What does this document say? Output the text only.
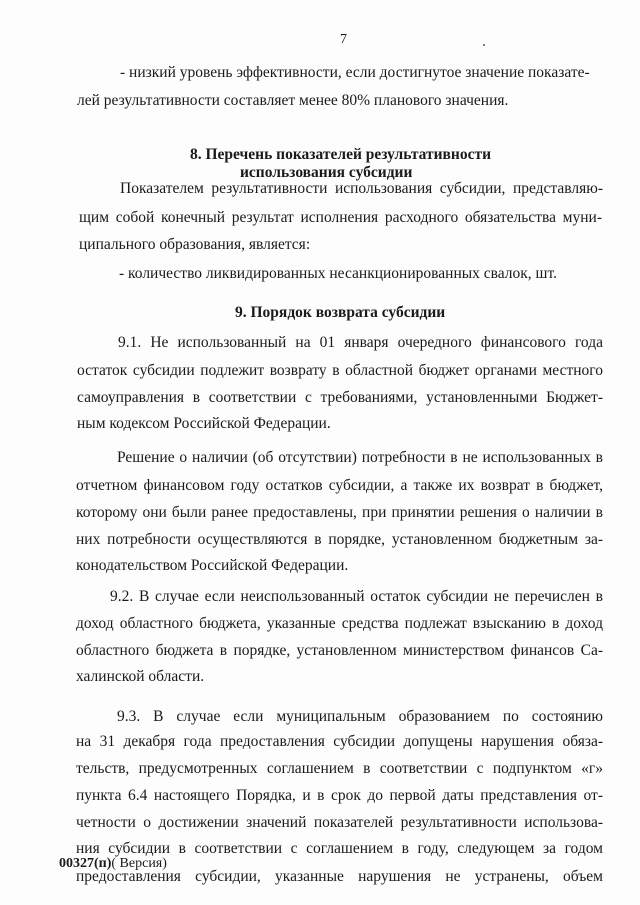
7
- низкий уровень эффективности, если достигнутое значение показате-
лей результативности составляет менее 80% планового значения.
8. Перечень показателей результативности
использования субсидии
Показателем результативности использования субсидии, представляю-
щим собой конечный результат исполнения расходного обязательства муни-
ципального образования, является:
- количество ликвидированных несанкционированных свалок, шт.
9. Порядок возврата субсидии
9.1. Не использованный на 01 января очередного финансового года
остаток субсидии подлежит возврату в областной бюджет органами местного
самоуправления в соответствии с требованиями, установленными Бюджет-
ным кодексом Российской Федерации.
Решение о наличии (об отсутствии) потребности в не использованных в
отчетном финансовом году остатков субсидии, а также их возврат в бюджет,
которому они были ранее предоставлены, при принятии решения о наличии в
них потребности осуществляются в порядке, установленном бюджетным за-
конодательством Российской Федерации.
9.2. В случае если неиспользованный остаток субсидии не перечислен в
доход областного бюджета, указанные средства подлежат взысканию в доход
областного бюджета в порядке, установленном министерством финансов Са-
халинской области.
9.3. В случае если муниципальным образованием по состоянию
на 31 декабря года предоставления субсидии допущены нарушения обяза-
тельств, предусмотренных соглашением в соответствии с подпунктом «г»
пункта 6.4 настоящего Порядка, и в срок до первой даты представления от-
четности о достижении значений показателей результативности использова-
ния субсидии в соответствии с соглашением в году, следующем за годом
предоставления субсидии, указанные нарушения не устранены, объем
00327(п)( Версия)
